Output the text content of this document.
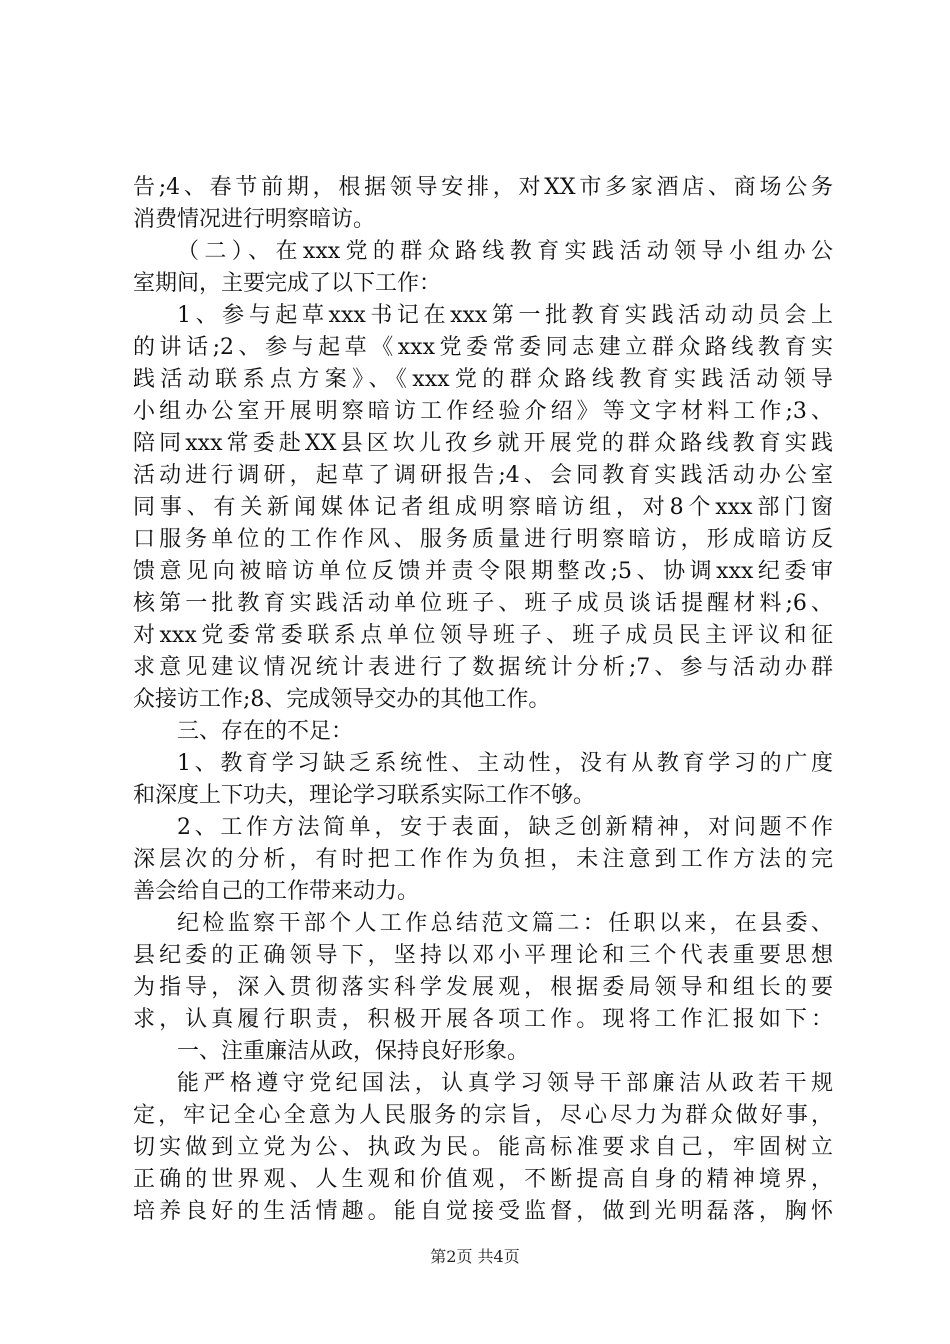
告;4、春节前期，根据领导安排，对XX市多家酒店、商场公务
消费情况进行明察暗访。
（二）、在xxx党的群众路线教育实践活动领导小组办公
室期间，主要完成了以下工作：
1、参与起草xxx书记在xxx第一批教育实践活动动员会上
的讲话;2、参与起草《xxx党委常委同志建立群众路线教育实
践活动联系点方案》、《xxx党的群众路线教育实践活动领导
小组办公室开展明察暗访工作经验介绍》等文字材料工作;3、
陪同xxx常委赴XX县区坎儿孜乡就开展党的群众路线教育实践
活动进行调研，起草了调研报告;4、会同教育实践活动办公室
同事、有关新闻媒体记者组成明察暗访组，对8个xxx部门窗
口服务单位的工作作风、服务质量进行明察暗访，形成暗访反
馈意见向被暗访单位反馈并责令限期整改;5、协调xxx纪委审
核第一批教育实践活动单位班子、班子成员谈话提醒材料;6、
对xxx党委常委联系点单位领导班子、班子成员民主评议和征
求意见建议情况统计表进行了数据统计分析;7、参与活动办群
众接访工作;8、完成领导交办的其他工作。
三、存在的不足：
1、教育学习缺乏系统性、主动性，没有从教育学习的广度
和深度上下功夫，理论学习联系实际工作不够。
2、工作方法简单，安于表面，缺乏创新精神，对问题不作
深层次的分析，有时把工作作为负担，未注意到工作方法的完
善会给自己的工作带来动力。
纪检监察干部个人工作总结范文篇二：任职以来，在县委、
县纪委的正确领导下，坚持以邓小平理论和三个代表重要思想
为指导，深入贯彻落实科学发展观，根据委局领导和组长的要
求，认真履行职责，积极开展各项工作。现将工作汇报如下：
一、注重廉洁从政，保持良好形象。
能严格遵守党纪国法，认真学习领导干部廉洁从政若干规
定，牢记全心全意为人民服务的宗旨，尽心尽力为群众做好事，
切实做到立党为公、执政为民。能高标准要求自己，牢固树立
正确的世界观、人生观和价值观，不断提高自身的精神境界，
培养良好的生活情趣。能自觉接受监督，做到光明磊落，胸怀
第2页 共4页
